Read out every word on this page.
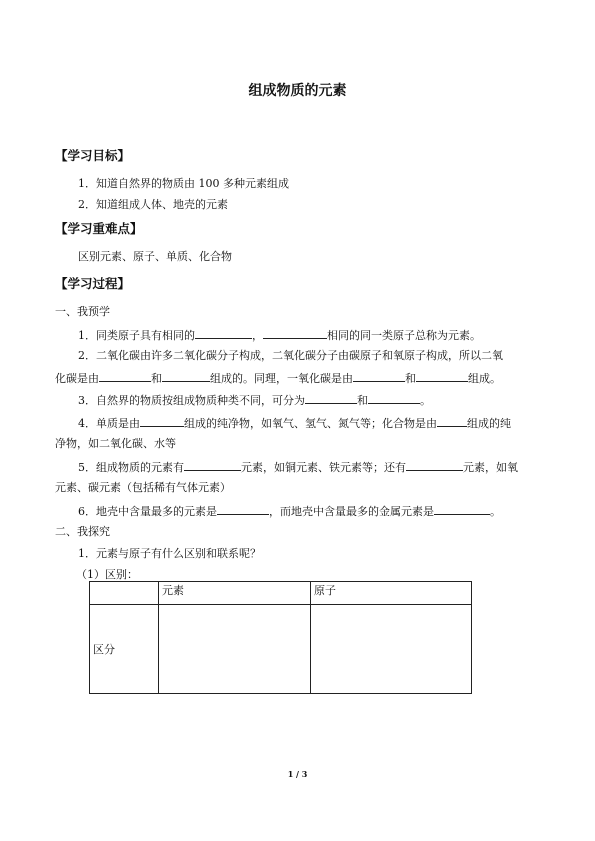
组成物质的元素
【学习目标】
1．知道自然界的物质由 100 多种元素组成
2．知道组成人体、地壳的元素
【学习重难点】
区别元素、原子、单质、化合物
【学习过程】
一、我预学
1．同类原子具有相同的	，	相同的同一类原子总称为元素。
2．二氧化碳由许多二氧化碳分子构成，二氧化碳分子由碳原子和氧原子构成，所以二氧
化碳是由	和	组成的。同理，一氧化碳是由	和	组成。
3．自然界的物质按组成物质种类不同，可分为	和	。
4．单质是由	组成的纯净物，如氧气、氢气、氮气等；化合物是由	组成的纯
净物，如二氧化碳、水等
5．组成物质的元素有	元素，如铜元素、铁元素等；还有	元素，如氧
元素、碳元素（包括稀有气体元素）
6．地壳中含量最多的元素是	，而地壳中含量最多的金属元素是	。
二、我探究
1．元素与原子有什么区别和联系呢？
（1）区别：
	元素	原子
区分		
1 / 3
